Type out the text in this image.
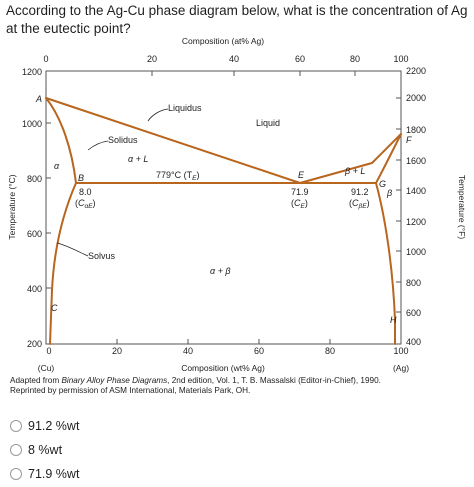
According to the Ag-Cu phase diagram below, what is the concentration of Ag at the eutectic point?
Composition (at% Ag)
0	20	40	60	80	100
Temperature (°C)
1200
1000
800
600
400
200
Temperature (°F)
2200
2000
1800
1600
1400
1200
1000
800
600
400
0	20	40	60	80	100
(Cu)	Composition (wt% Ag)	(Ag)
A
B
C
E
F
G
H
Liquidus
Liquid
Solidus
α
α + L
779°C $(T_E)$	β + L
β
Solvus
α + β
8.0
$(C_{\alpha E})$
71.9
$(C_E)$
91.2
$(C_{\beta E})$
Adapted from Binary Alloy Phase Diagrams, 2nd edition, Vol. 1, T. B. Massalski (Editor-in-Chief), 1990.
Reprinted by permission of ASM International, Materials Park, OH.
91.2 %wt
8 %wt
71.9 %wt
